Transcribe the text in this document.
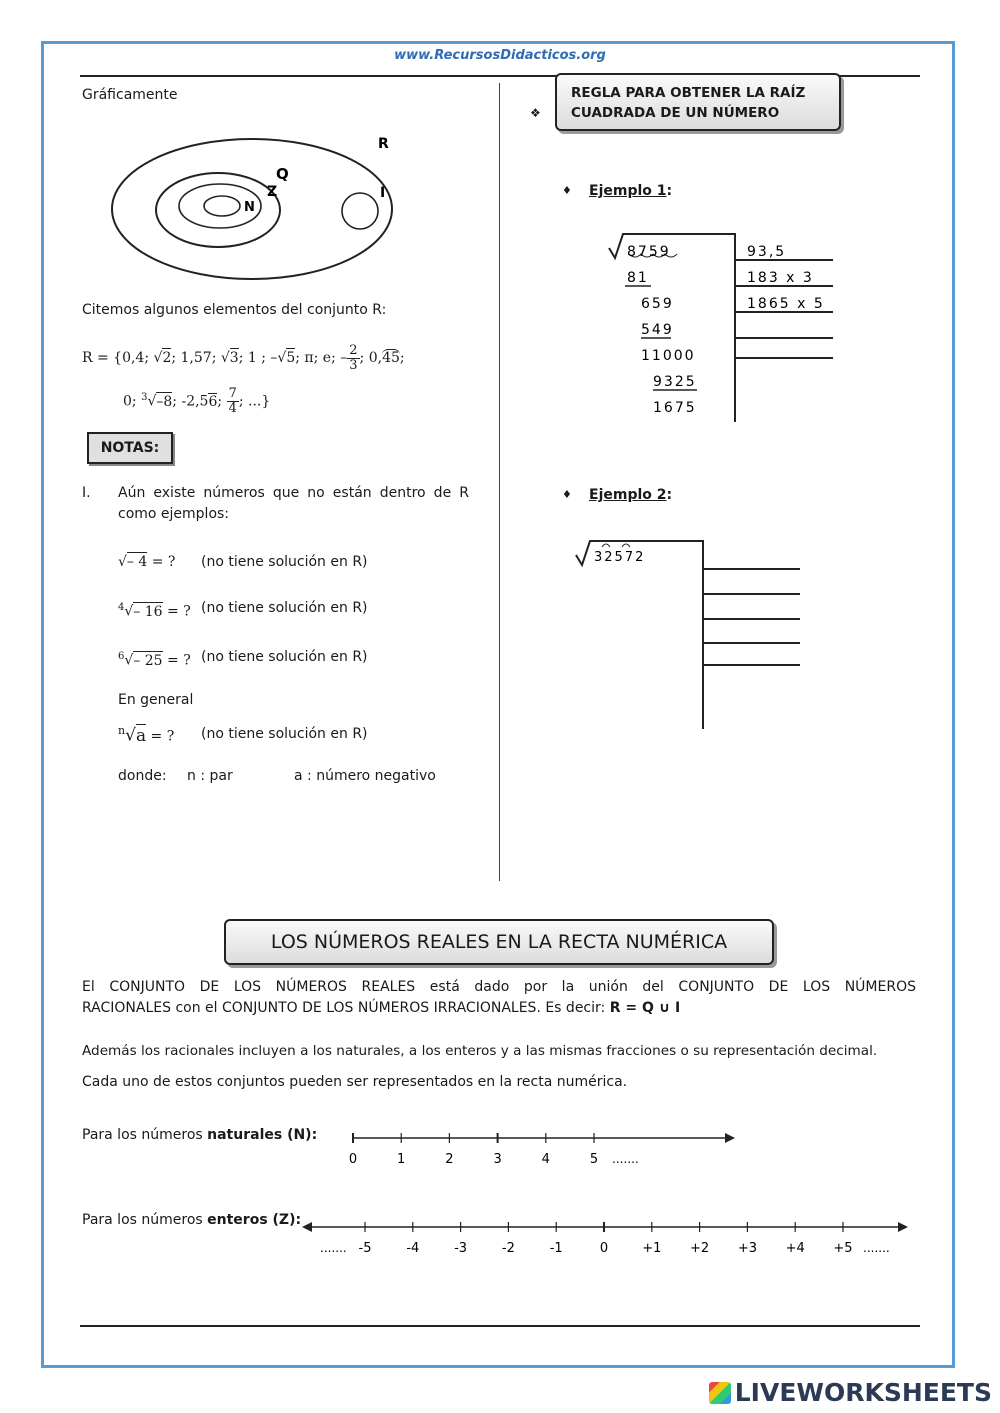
www.RecursosDidacticos.org
Gráficamente
R
Q
Z
N
I
Citemos algunos elementos del conjunto R:
R = {0,4; √2; 1,57; √3; 1 ; –√5; π; e; – $\frac{2}{3}$ ; 0,45;
0; $^3$√–8; -2,56; $\frac{7}{4}$ ; ...}
NOTAS:
I. Aún existe números que no están dentro de R
como ejemplos:
√– 4 = ? (no tiene solución en R)
$^4$√– 16 = ? (no tiene solución en R)
$^6$√– 25 = ? (no tiene solución en R)
En general
$^n$√a = ? (no tiene solución en R)
donde: n : par	a : número negativo
❖
REGLA PARA OBTENER LA RAÍZ
CUADRADA DE UN NÚMERO
♦ Ejemplo 1:
8759
81
659
549
11000
9325
1675
93,5
183 x 3
1865 x 5
♦ Ejemplo 2:
32572
LOS NÚMEROS REALES EN LA RECTA NUMÉRICA
El CONJUNTO DE LOS NÚMEROS REALES está dado por la unión del CONJUNTO DE LOS NÚMEROS
RACIONALES con el CONJUNTO DE LOS NÚMEROS IRRACIONALES. Es decir: R = Q ∪ I
Además los racionales incluyen a los naturales, a los enteros y a las mismas fracciones o su representación decimal.
Cada uno de estos conjuntos pueden ser representados en la recta numérica.
Para los números naturales (N):
0	1	2	3	4	5 .......
Para los números enteros (Z):
-5	-4	-3	-2	-1	0	+1 +2 +3 +4 +5
.......	.......
LIVEWORKSHEETS
